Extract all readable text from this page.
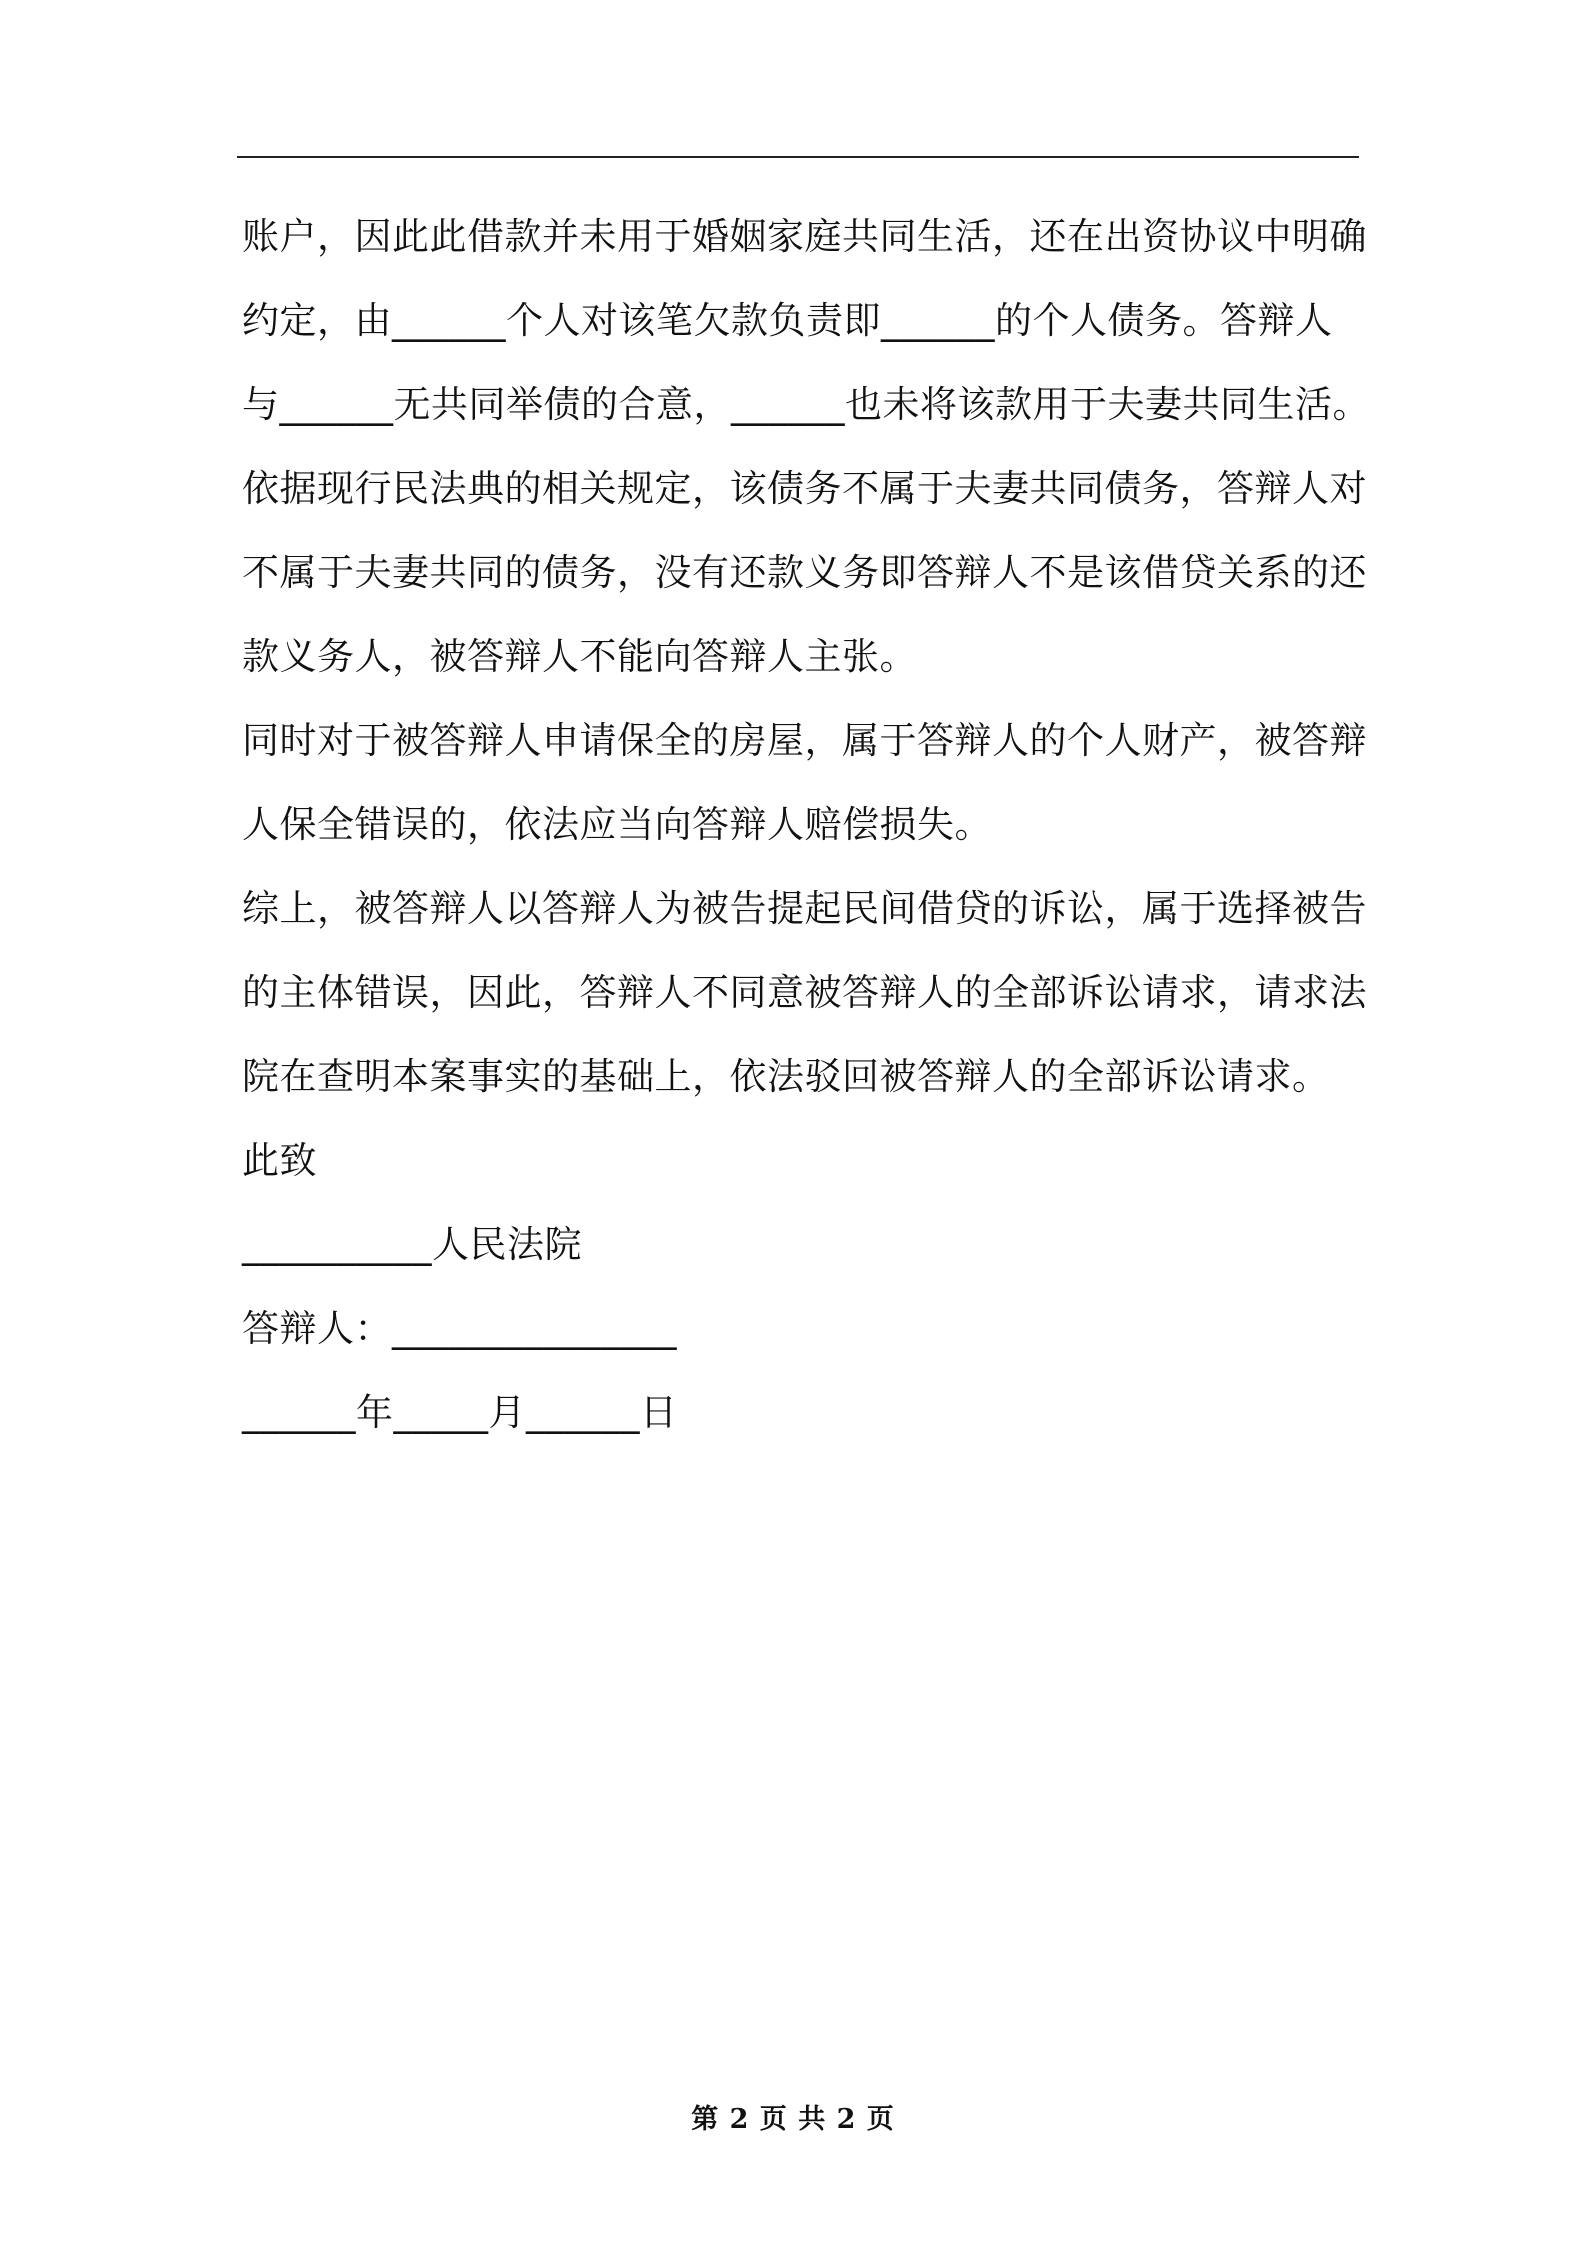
账户，因此此借款并未用于婚姻家庭共同生活，还在出资协议中明确
约定，由______个人对该笔欠款负责即______的个人债务。答辩人
与______无共同举债的合意，______也未将该款用于夫妻共同生活。
依据现行民法典的相关规定，该债务不属于夫妻共同债务，答辩人对
不属于夫妻共同的债务，没有还款义务即答辩人不是该借贷关系的还
款义务人，被答辩人不能向答辩人主张。
同时对于被答辩人申请保全的房屋，属于答辩人的个人财产，被答辩
人保全错误的，依法应当向答辩人赔偿损失。
综上，被答辩人以答辩人为被告提起民间借贷的诉讼，属于选择被告
的主体错误，因此，答辩人不同意被答辩人的全部诉讼请求，请求法
院在查明本案事实的基础上，依法驳回被答辩人的全部诉讼请求。
此致
__________人民法院
答辩人：_______________
______年_____月______日
第 2 页 共 2 页
